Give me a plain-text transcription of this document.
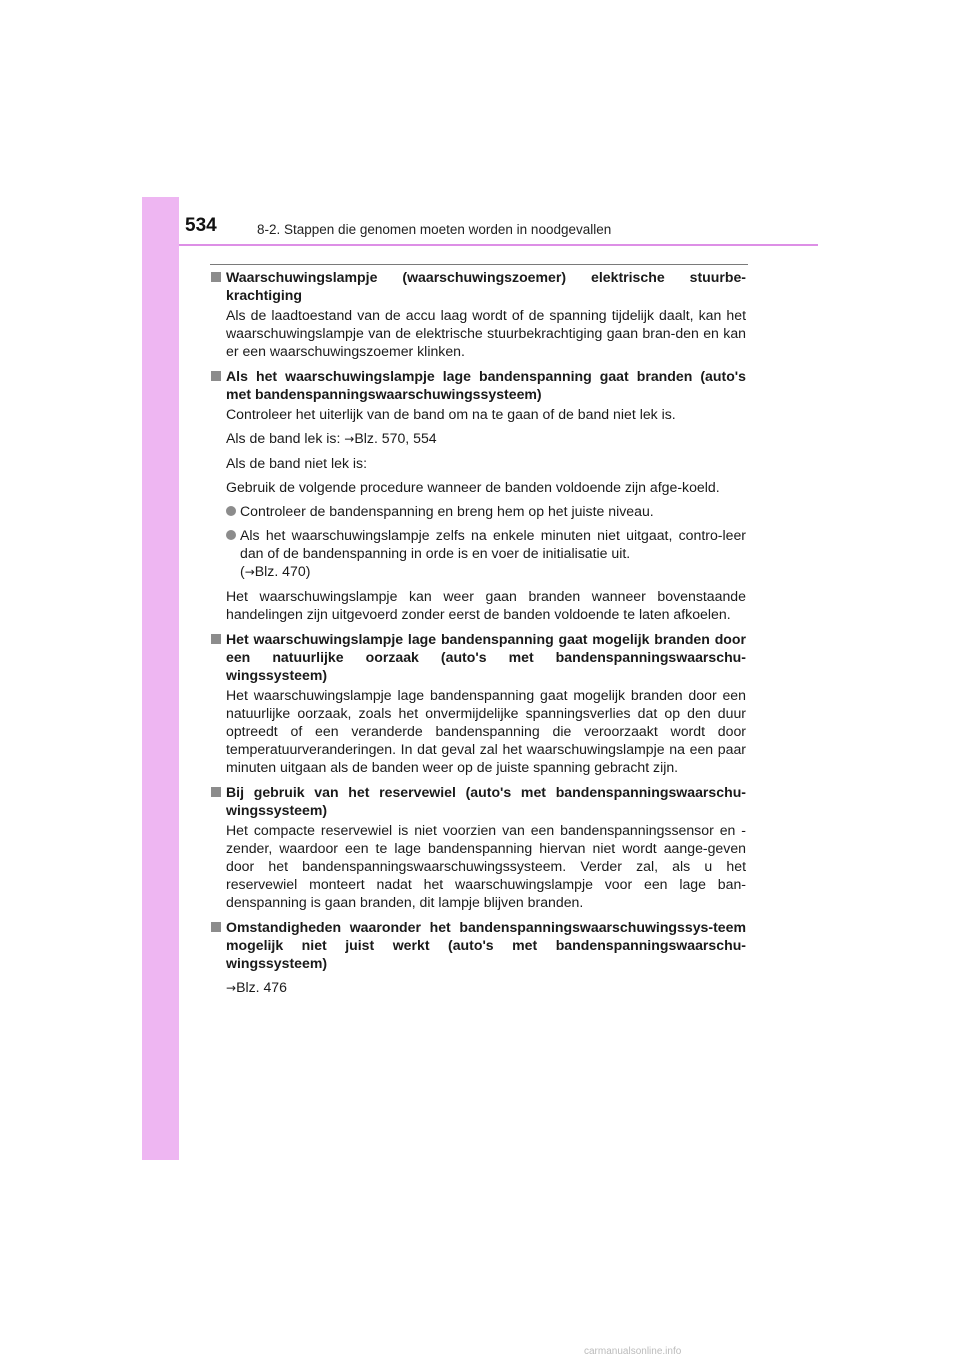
534	8-2. Stappen die genomen moeten worden in noodgevallen
Waarschuwingslampje (waarschuwingszoemer) elektrische stuurbe-krachtiging
Als de laadtoestand van de accu laag wordt of de spanning tijdelijk daalt, kan het waarschuwingslampje van de elektrische stuurbekrachtiging gaan bran-den en kan er een waarschuwingszoemer klinken.
Als het waarschuwingslampje lage bandenspanning gaat branden (auto's met bandenspanningswaarschuwingssysteem)
Controleer het uiterlijk van de band om na te gaan of de band niet lek is.
Als de band lek is: →Blz. 570, 554
Als de band niet lek is:
Gebruik de volgende procedure wanneer de banden voldoende zijn afge-koeld.
Controleer de bandenspanning en breng hem op het juiste niveau.
Als het waarschuwingslampje zelfs na enkele minuten niet uitgaat, contro-leer dan of de bandenspanning in orde is en voer de initialisatie uit.
(→Blz. 470)
Het waarschuwingslampje kan weer gaan branden wanneer bovenstaande handelingen zijn uitgevoerd zonder eerst de banden voldoende te laten afkoelen.
Het waarschuwingslampje lage bandenspanning gaat mogelijk branden door een natuurlijke oorzaak (auto's met bandenspanningswaarschu-wingssysteem)
Het waarschuwingslampje lage bandenspanning gaat mogelijk branden door een natuurlijke oorzaak, zoals het onvermijdelijke spanningsverlies dat op den duur optreedt of een veranderde bandenspanning die veroorzaakt wordt door temperatuurveranderingen. In dat geval zal het waarschuwingslampje na een paar minuten uitgaan als de banden weer op de juiste spanning gebracht zijn.
Bij gebruik van het reservewiel (auto's met bandenspanningswaarschu-wingssysteem)
Het compacte reservewiel is niet voorzien van een bandenspanningssensor en -zender, waardoor een te lage bandenspanning hiervan niet wordt aange-geven door het bandenspanningswaarschuwingssysteem. Verder zal, als u het reservewiel monteert nadat het waarschuwingslampje voor een lage ban-denspanning is gaan branden, dit lampje blijven branden.
Omstandigheden waaronder het bandenspanningswaarschuwingssys-teem mogelijk niet juist werkt (auto's met bandenspanningswaarschu-wingssysteem)
→Blz. 476
carmanualsonline.info
